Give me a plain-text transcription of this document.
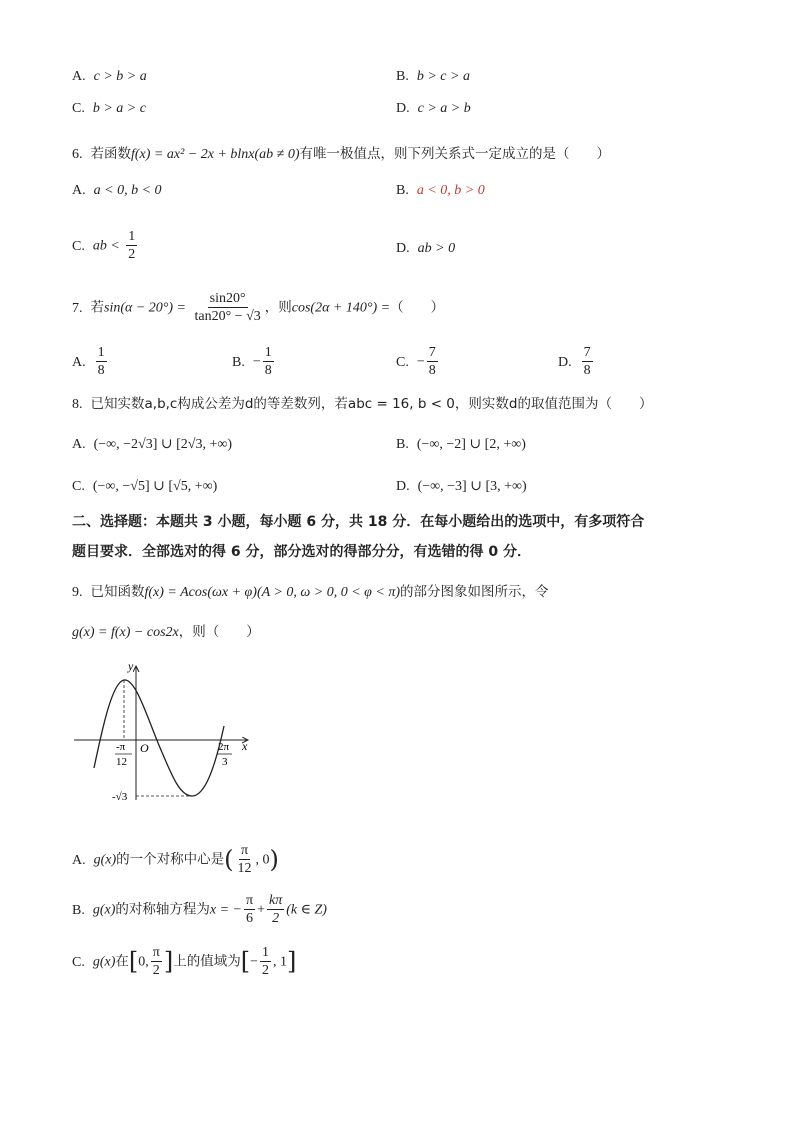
A. c > b > a	B. b > c > a
C. b > a > c	D. c > a > b
6. 若函数f(x) = ax² − 2x + blnx(ab ≠ 0)有唯一极值点，则下列关系式一定成立的是（　　）
A. a < 0, b < 0	B. a < 0, b > 0
C. ab < $\frac{1}{2}$	D. ab > 0
7. 若$\sin(\alpha - 20^\circ) = \frac{\sin 20^\circ}{\tan 20^\circ - √3}$ ，则cos(2α + 140°) =（　　）
A. $\frac{1}{8}$	B. − $\frac{1}{8}$	C. − $\frac{7}{8}$	D. $\frac{7}{8}$
8. 已知实数a,b,c构成公差为d的等差数列，若abc = 16, b < 0，则实数d的取值范围为（　　）
A. (−∞, −2√3] ∪ [2√3, +∞)	B. (−∞, −2] ∪ [2, +∞)
C. (−∞, −√5] ∪ [√5, +∞)	D. (−∞, −3] ∪ [3, +∞)
二、选择题：本题共 3 小题，每小题 6 分，共 18 分．在每小题给出的选项中，有多项符合
题目要求．全部选对的得 6 分，部分选对的得部分分，有选错的得 0 分．
9. 已知函数f(x) = Acos(ωx + φ)(A > 0, ω > 0, 0 < φ < π)的部分图象如图所示，令
g(x) = f(x) − cos2x，则（　　）
y
x
O
-π
12
2π
3
-√3
A. g(x)的一个对称中心是( $\frac{\pi}{12}$ , 0)
B. g(x)的对称轴方程为x = − $\frac{\pi}{6} + \frac{k\pi}{2} (k$ ∈ Z)
C. g(x)在[0, $\frac{\pi}{2}$ ]上的值域为[− $\frac{1}{2}$ , 1]
